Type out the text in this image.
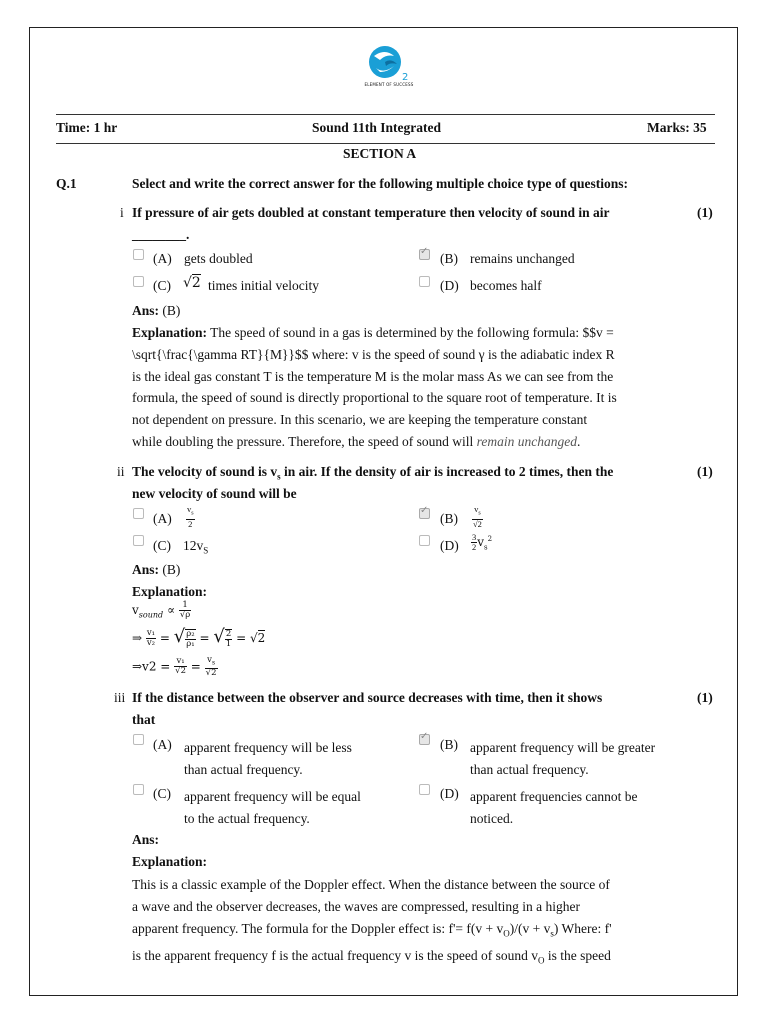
2
ELEMENT OF SUCCESS
Time: 1 hr	Sound 11th Integrated	Marks: 35
SECTION A
Q.1	Select and write the correct answer for the following multiple choice type of questions:
i If pressure of air gets doubled at constant temperature then velocity of sound in air	(1)
________.
(A) gets doubled ✓	(B) remains unchanged
(C) √2 times initial velocity	(D) becomes half
Ans: (B)
Explanation: The speed of sound in a gas is determined by the following formula: $$v =
\sqrt{\frac{\gamma RT}{M}}$$ where: v is the speed of sound γ is the adiabatic index R
is the ideal gas constant T is the temperature M is the molar mass As we can see from the
formula, the speed of sound is directly proportional to the square root of temperature. It is
not dependent on pressure. In this scenario, we are keeping the temperature constant
while doubling the pressure. Therefore, the speed of sound will remain unchanged.
ii The velocity of sound is $v_s$ in air. If the density of air is increased to 2 times, then the	(1)
new velocity of sound will be
$(A) \frac{v_s}{2}$ ✓	$(B) \frac{v_s}{√2}$
(C) $12v_S$	$(D) \frac{3}{2} v_s^2$
Ans: (B)
Explanation:
$v_{sound} \propto \frac{1}{√\rho}$
⇒ $\frac{\text{v₁}}{\text{v₂}}$ = √ $\frac{\text{ρ₂}}{\text{ρ₁}}$ = √ $\frac{2}{1} = √2$
⇒v2 = $\frac{\text{v₁}}{√2} = \frac{v_s}{√2}$
iii If the distance between the observer and source decreases with time, then it shows	(1)
that
(A) apparent frequency will be less
than actual frequency.
✓
(B) apparent frequency will be greater
than actual frequency.
(C) apparent frequency will be equal
to the actual frequency.
(D) apparent frequencies cannot be
noticed.
Ans:
Explanation:
This is a classic example of the Doppler effect. When the distance between the source of
a wave and the observer decreases, the waves are compressed, resulting in a higher
apparent frequency. The formula for the Doppler effect is: $f'= f(v + v_O)/(v + v_s)$ Where: f'
is the apparent frequency f is the actual frequency v is the speed of sound $v_O$ is the speed
